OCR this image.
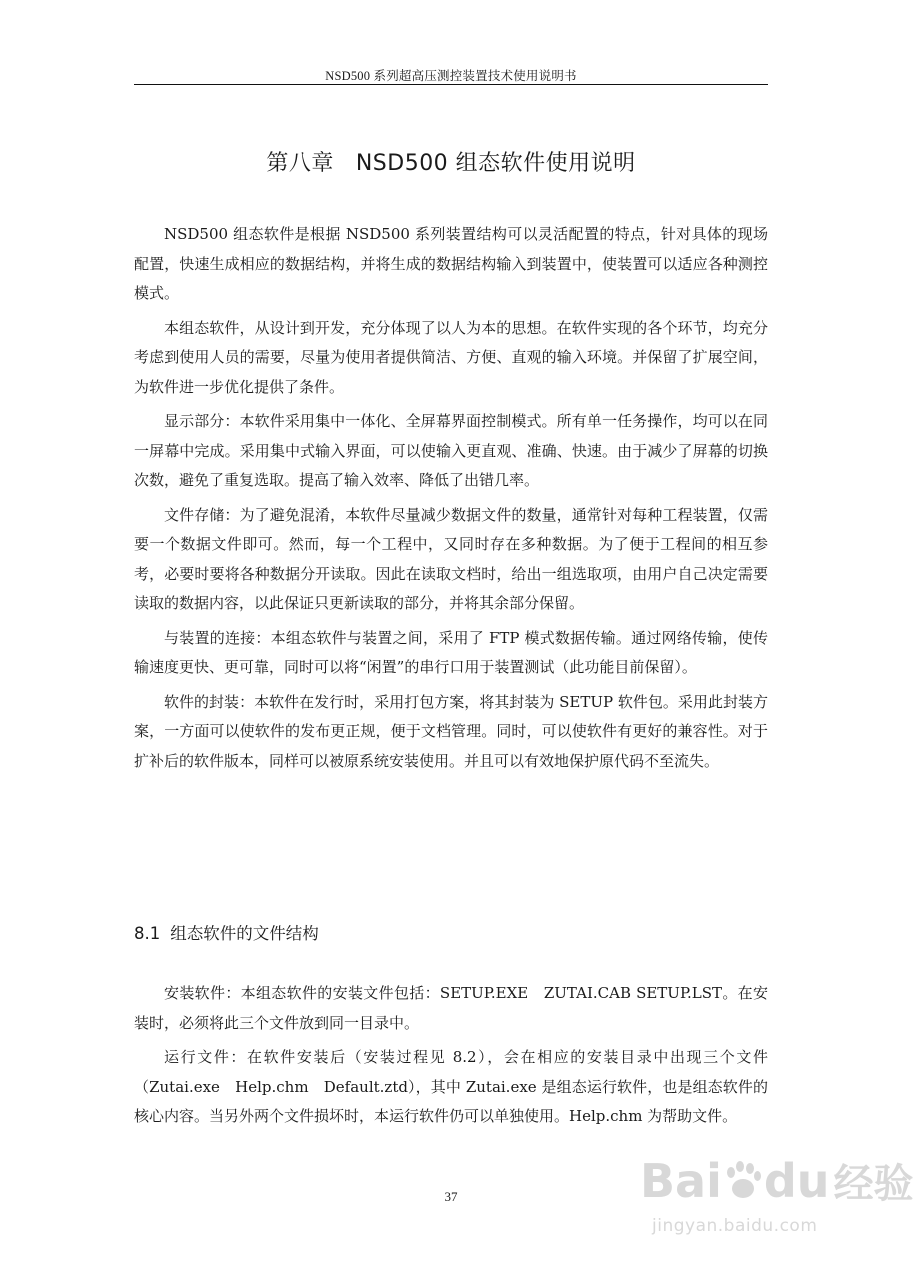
NSD500 系列超高压测控装置技术使用说明书
第八章 NSD500 组态软件使用说明

NSD500 组态软件是根据 NSD500 系列装置结构可以灵活配置的特点，针对具体的现场配置，快速生成相应的数据结构，并将生成的数据结构输入到装置中，使装置可以适应各种测控模式。

本组态软件，从设计到开发，充分体现了以人为本的思想。在软件实现的各个环节，均充分考虑到使用人员的需要，尽量为使用者提供简洁、方便、直观的输入环境。并保留了扩展空间，为软件进一步优化提供了条件。

显示部分：本软件采用集中一体化、全屏幕界面控制模式。所有单一任务操作，均可以在同一屏幕中完成。采用集中式输入界面，可以使输入更直观、准确、快速。由于减少了屏幕的切换次数，避免了重复选取。提高了输入效率、降低了出错几率。

文件存储：为了避免混淆，本软件尽量减少数据文件的数量，通常针对每种工程装置，仅需要一个数据文件即可。然而，每一个工程中，又同时存在多种数据。为了便于工程间的相互参考，必要时要将各种数据分开读取。因此在读取文档时，给出一组选取项，由用户自己决定需要读取的数据内容，以此保证只更新读取的部分，并将其余部分保留。

与装置的连接：本组态软件与装置之间，采用了 FTP 模式数据传输。通过网络传输，使传输速度更快、更可靠，同时可以将“闲置”的串行口用于装置测试（此功能目前保留）。

软件的封装：本软件在发行时，采用打包方案，将其封装为 SETUP 软件包。采用此封装方案，一方面可以使软件的发布更正规，便于文档管理。同时，可以使软件有更好的兼容性。对于扩补后的软件版本，同样可以被原系统安装使用。并且可以有效地保护原代码不至流失。

8.1 组态软件的文件结构

安装软件：本组态软件的安装文件包括：SETUP.EXE　ZUTAI.CAB SETUP.LST。在安装时，必须将此三个文件放到同一目录中。

运行文件：在软件安装后（安装过程见 8.2），会在相应的安装目录中出现三个文件（Zutai.exe　Help.chm　Default.ztd），其中 Zutai.exe 是组态运行软件，也是组态软件的核心内容。当另外两个文件损坏时，本运行软件仍可以单独使用。Help.chm 为帮助文件。

37	Bai du 经验
jingyan.baidu.com
